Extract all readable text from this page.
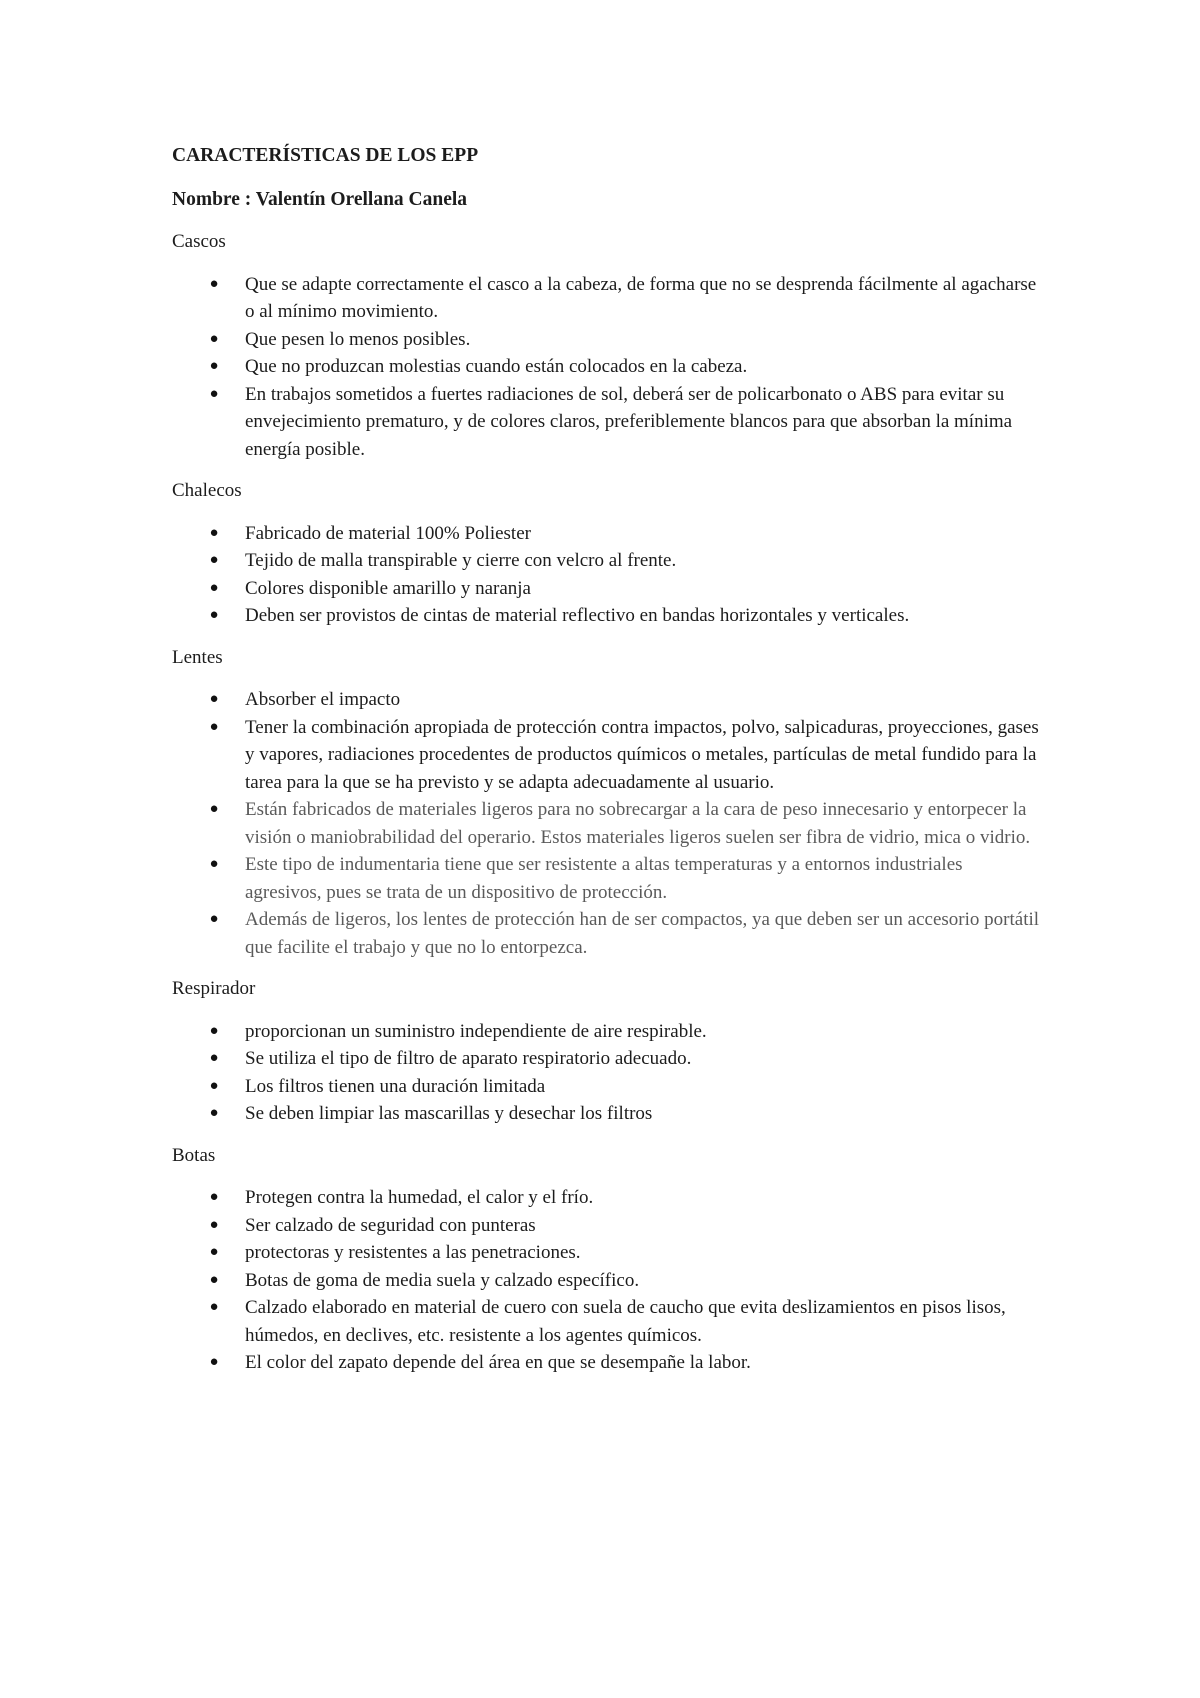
CARACTERÍSTICAS DE LOS EPP

Nombre : Valentín Orellana Canela

Cascos

● Que se adapte correctamente el casco a la cabeza, de forma que no se desprenda fácilmente al agacharse o al mínimo movimiento.
● Que pesen lo menos posibles.
● Que no produzcan molestias cuando están colocados en la cabeza.
● En trabajos sometidos a fuertes radiaciones de sol, deberá ser de policarbonato o ABS para evitar su envejecimiento prematuro, y de colores claros, preferiblemente blancos para que absorban la mínima energía posible.

Chalecos

● Fabricado de material 100% Poliester
● Tejido de malla transpirable y cierre con velcro al frente.
● Colores disponible amarillo y naranja
● Deben ser provistos de cintas de material reflectivo en bandas horizontales y verticales.

Lentes

● Absorber el impacto
● Tener la combinación apropiada de protección contra impactos, polvo, salpicaduras, proyecciones, gases y vapores, radiaciones procedentes de productos químicos o metales, partículas de metal fundido para la tarea para la que se ha previsto y se adapta adecuadamente al usuario.
● Están fabricados de materiales ligeros para no sobrecargar a la cara de peso innecesario y entorpecer la visión o maniobrabilidad del operario. Estos materiales ligeros suelen ser fibra de vidrio, mica o vidrio.
● Este tipo de indumentaria tiene que ser resistente a altas temperaturas y a entornos industriales agresivos, pues se trata de un dispositivo de protección.
● Además de ligeros, los lentes de protección han de ser compactos, ya que deben ser un accesorio portátil que facilite el trabajo y que no lo entorpezca.

Respirador

● proporcionan un suministro independiente de aire respirable.
● Se utiliza el tipo de filtro de aparato respiratorio adecuado.
● Los filtros tienen una duración limitada
● Se deben limpiar las mascarillas y desechar los filtros

Botas

● Protegen contra la humedad, el calor y el frío.
● Ser calzado de seguridad con punteras
● protectoras y resistentes a las penetraciones.
● Botas de goma de media suela y calzado específico.
● Calzado elaborado en material de cuero con suela de caucho que evita deslizamientos en pisos lisos, húmedos, en declives, etc. resistente a los agentes químicos.
● El color del zapato depende del área en que se desempañe la labor.
